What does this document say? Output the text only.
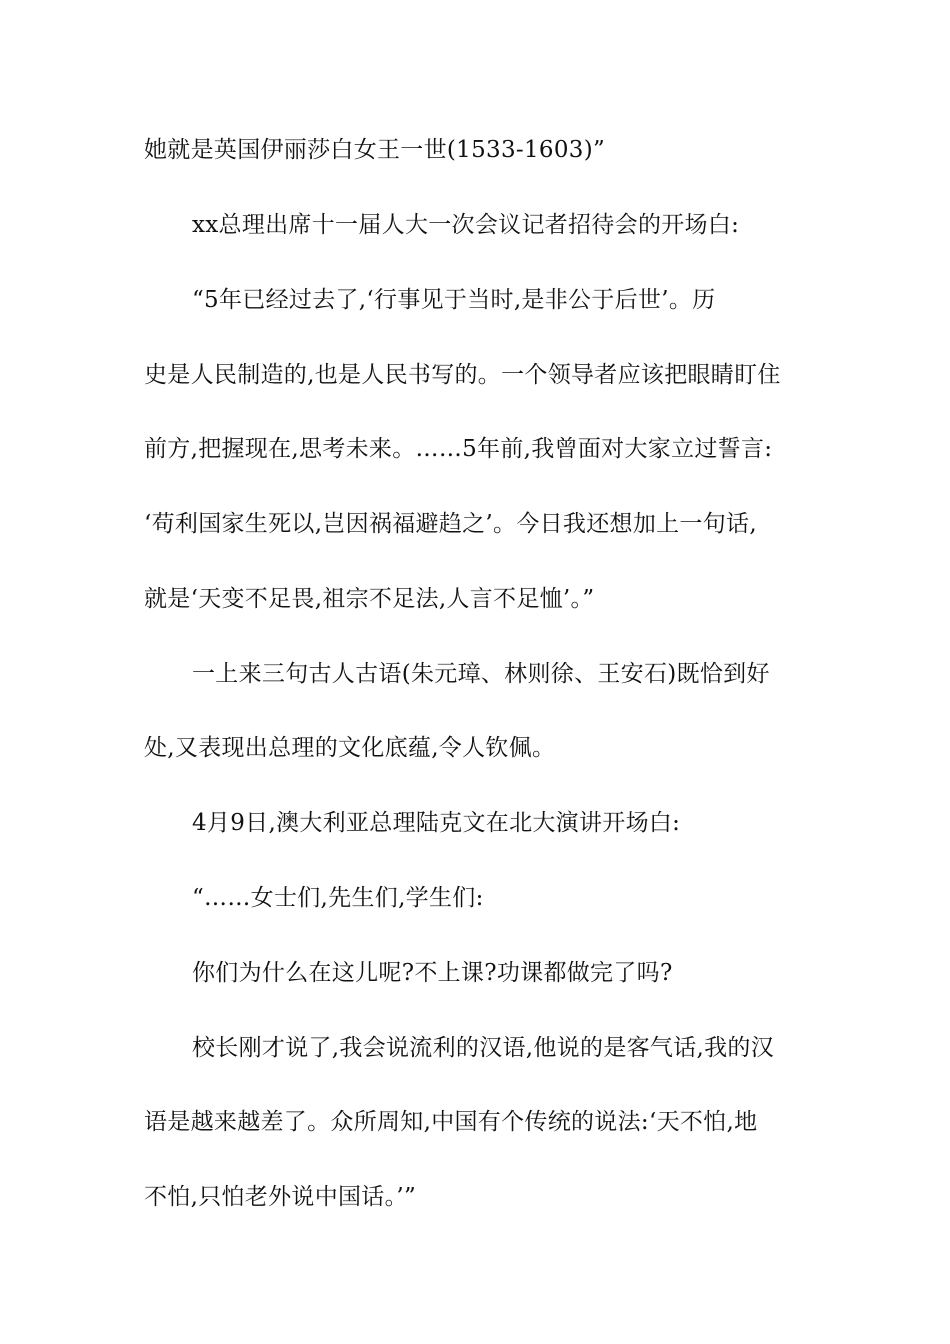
她就是英国伊丽莎白女王一世(1533-1603)”
xx总理出席十一届人大一次会议记者招待会的开场白:
“5年已经过去了,‘行事见于当时,是非公于后世’。历
史是人民制造的,也是人民书写的。一个领导者应该把眼睛盯住
前方,把握现在,思考未来。……5年前,我曾面对大家立过誓言:
‘苟利国家生死以,岂因祸福避趋之’。今日我还想加上一句话,
就是‘天变不足畏,祖宗不足法,人言不足恤’。”
一上来三句古人古语(朱元璋、林则徐、王安石)既恰到好
处,又表现出总理的文化底蕴,令人钦佩。
4月9日,澳大利亚总理陆克文在北大演讲开场白:
“……女士们,先生们,学生们:
你们为什么在这儿呢?不上课?功课都做完了吗?
校长刚才说了,我会说流利的汉语,他说的是客气话,我的汉
语是越来越差了。众所周知,中国有个传统的说法:‘天不怕,地
不怕,只怕老外说中国话。’”
